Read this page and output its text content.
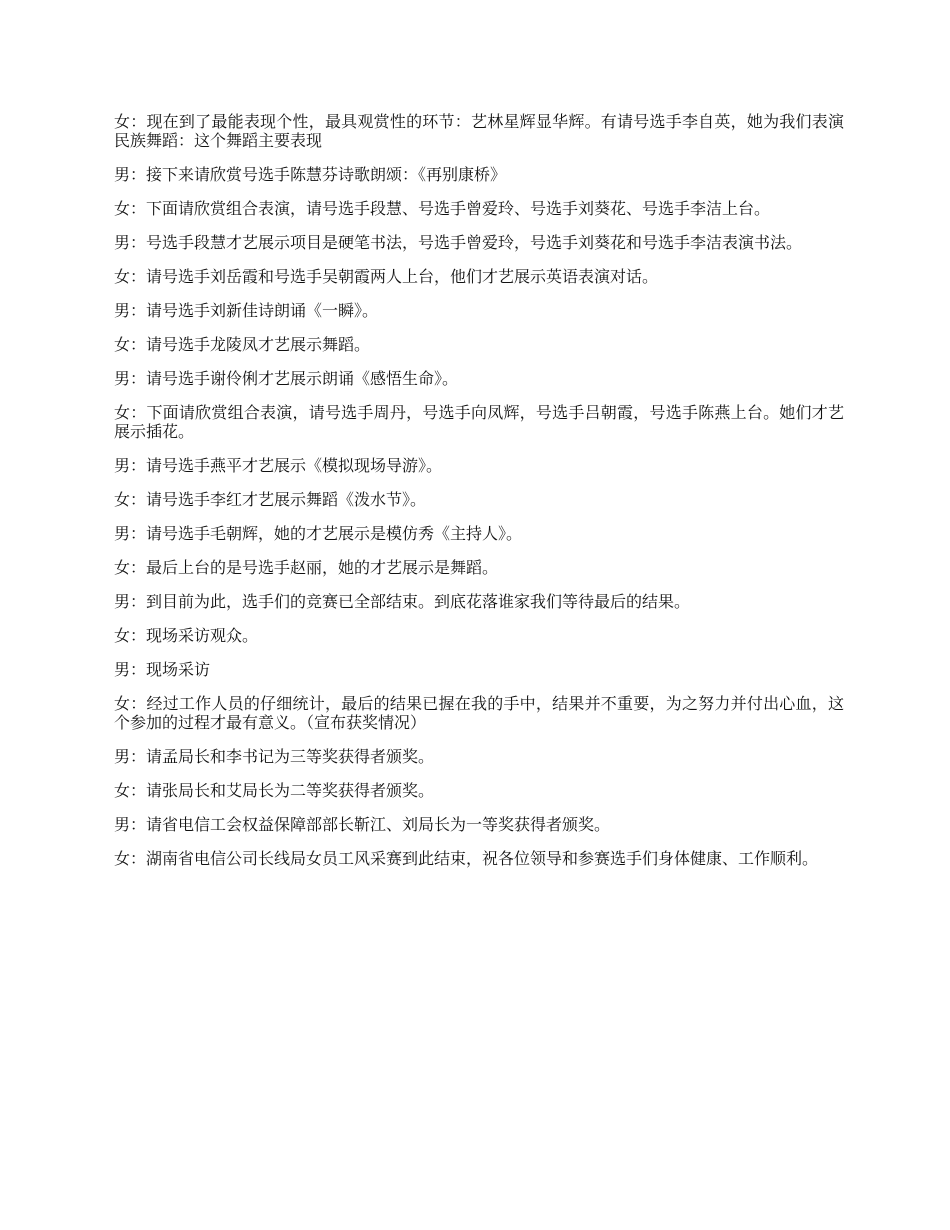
女：现在到了最能表现个性，最具观赏性的环节：艺林星辉显华辉。有请号选手李自英，她为我们表演民族舞蹈：这个舞蹈主要表现

男：接下来请欣赏号选手陈慧芬诗歌朗颂：《再别康桥》

女：下面请欣赏组合表演，请号选手段慧、号选手曾爱玲、号选手刘葵花、号选手李洁上台。

男：号选手段慧才艺展示项目是硬笔书法，号选手曾爱玲，号选手刘葵花和号选手李洁表演书法。

女：请号选手刘岳霞和号选手吴朝霞两人上台，他们才艺展示英语表演对话。

男：请号选手刘新佳诗朗诵《一瞬》。

女：请号选手龙陵凤才艺展示舞蹈。

男：请号选手谢伶俐才艺展示朗诵《感悟生命》。

女：下面请欣赏组合表演，请号选手周丹，号选手向凤辉，号选手吕朝霞，号选手陈燕上台。她们才艺展示插花。

男：请号选手燕平才艺展示《模拟现场导游》。

女：请号选手李红才艺展示舞蹈《泼水节》。

男：请号选手毛朝辉，她的才艺展示是模仿秀《主持人》。

女：最后上台的是号选手赵丽，她的才艺展示是舞蹈。

男：到目前为此，选手们的竞赛已全部结束。到底花落谁家我们等待最后的结果。

女：现场采访观众。

男：现场采访

女：经过工作人员的仔细统计，最后的结果已握在我的手中，结果并不重要，为之努力并付出心血，这个参加的过程才最有意义。（宣布获奖情况）

男：请孟局长和李书记为三等奖获得者颁奖。

女：请张局长和艾局长为二等奖获得者颁奖。

男：请省电信工会权益保障部部长靳江、刘局长为一等奖获得者颁奖。

女：湖南省电信公司长线局女员工风采赛到此结束，祝各位领导和参赛选手们身体健康、工作顺利。
